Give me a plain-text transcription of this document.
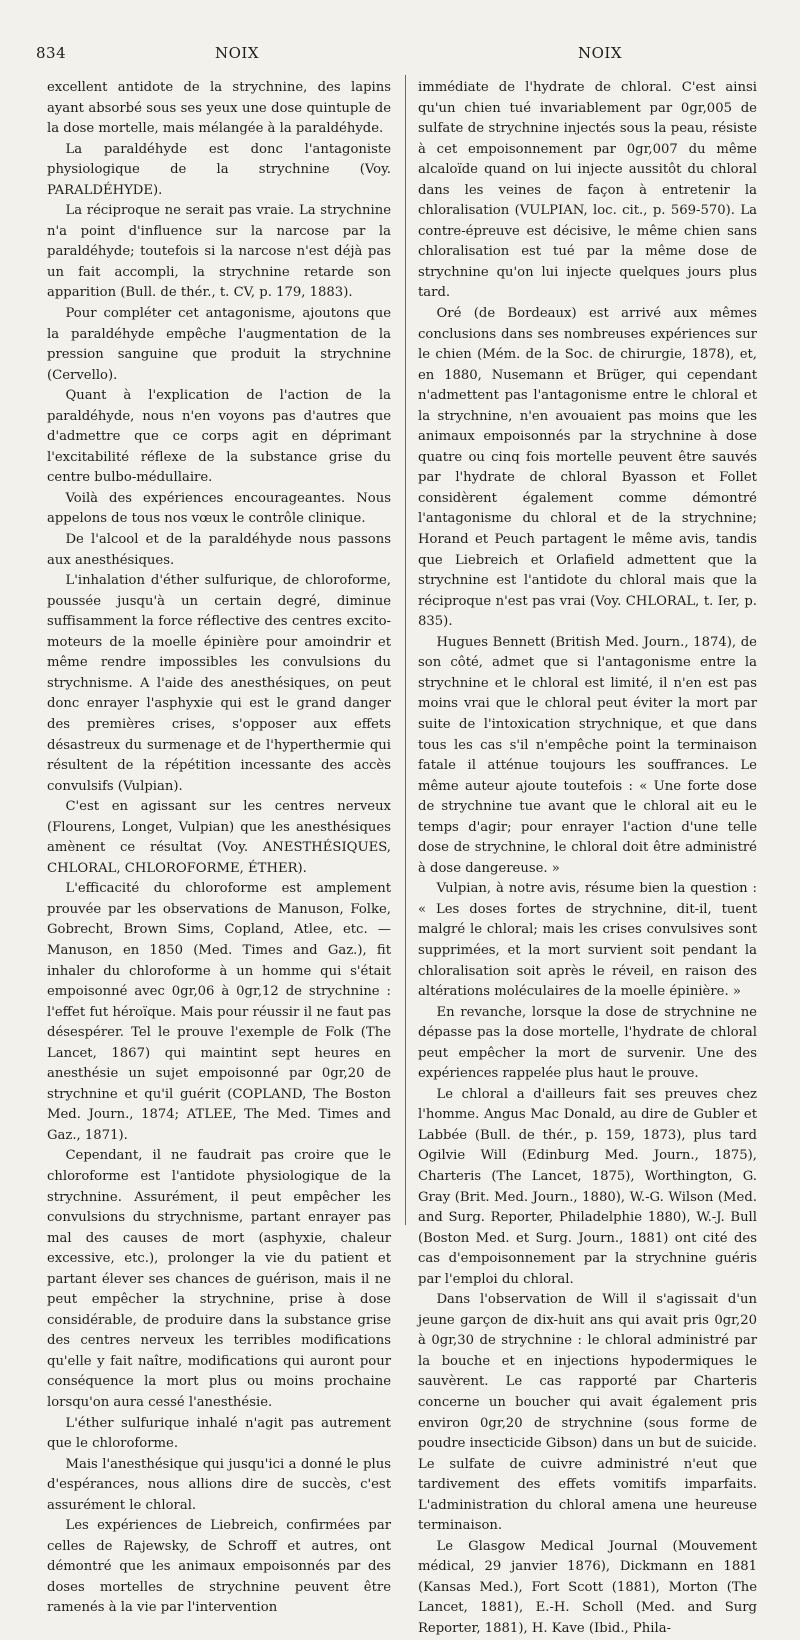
834	NOIX	NOIX

excellent antidote de la strychnine, des lapins ayant absorbé sous ses yeux une dose quintuple de la dose mortelle, mais mélangée à la paraldéhyde.

La paraldéhyde est donc l'antagoniste physiologique de la strychnine (Voy. PARALDÉHYDE).

La réciproque ne serait pas vraie. La strychnine n'a point d'influence sur la narcose par la paraldéhyde; toutefois si la narcose n'est déjà pas un fait accompli, la strychnine retarde son apparition (Bull. de thér., t. CV, p. 179, 1883).

Pour compléter cet antagonisme, ajoutons que la paraldéhyde empêche l'augmentation de la pression sanguine que produit la strychnine (Cervello).

Quant à l'explication de l'action de la paraldéhyde, nous n'en voyons pas d'autres que d'admettre que ce corps agit en déprimant l'excitabilité réflexe de la substance grise du centre bulbo-médullaire.

Voilà des expériences encourageantes. Nous appelons de tous nos vœux le contrôle clinique.

De l'alcool et de la paraldéhyde nous passons aux anesthésiques.

L'inhalation d'éther sulfurique, de chloroforme, poussée jusqu'à un certain degré, diminue suffisamment la force réflective des centres excito-moteurs de la moelle épinière pour amoindrir et même rendre impossibles les convulsions du strychnisme. A l'aide des anesthésiques, on peut donc enrayer l'asphyxie qui est le grand danger des premières crises, s'opposer aux effets désastreux du surmenage et de l'hyperthermie qui résultent de la répétition incessante des accès convulsifs (Vulpian).

C'est en agissant sur les centres nerveux (Flourens, Longet, Vulpian) que les anesthésiques amènent ce résultat (Voy. ANESTHÉSIQUES, CHLORAL, CHLOROFORME, ÉTHER).

L'efficacité du chloroforme est amplement prouvée par les observations de Manuson, Folke, Gobrecht, Brown Sims, Copland, Atlee, etc. — Manuson, en 1850 (Med. Times and Gaz.), fit inhaler du chloroforme à un homme qui s'était empoisonné avec 0gr,06 à 0gr,12 de strychnine : l'effet fut héroïque. Mais pour réussir il ne faut pas désespérer. Tel le prouve l'exemple de Folk (The Lancet, 1867) qui maintint sept heures en anesthésie un sujet empoisonné par 0gr,20 de strychnine et qu'il guérit (COPLAND, The Boston Med. Journ., 1874; ATLEE, The Med. Times and Gaz., 1871).

Cependant, il ne faudrait pas croire que le chloroforme est l'antidote physiologique de la strychnine. Assurément, il peut empêcher les convulsions du strychnisme, partant enrayer pas mal des causes de mort (asphyxie, chaleur excessive, etc.), prolonger la vie du patient et partant élever ses chances de guérison, mais il ne peut empêcher la strychnine, prise à dose considérable, de produire dans la substance grise des centres nerveux les terribles modifications qu'elle y fait naître, modifications qui auront pour conséquence la mort plus ou moins prochaine lorsqu'on aura cessé l'anesthésie.

L'éther sulfurique inhalé n'agit pas autrement que le chloroforme.

Mais l'anesthésique qui jusqu'ici a donné le plus d'espérances, nous allions dire de succès, c'est assurément le chloral.

Les expériences de Liebreich, confirmées par celles de Rajewsky, de Schroff et autres, ont démontré que les animaux empoisonnés par des doses mortelles de strychnine peuvent être ramenés à la vie par l'intervention

immédiate de l'hydrate de chloral. C'est ainsi qu'un chien tué invariablement par 0gr,005 de sulfate de strychnine injectés sous la peau, résiste à cet empoisonnement par 0gr,007 du même alcaloïde quand on lui injecte aussitôt du chloral dans les veines de façon à entretenir la chloralisation (VULPIAN, loc. cit., p. 569-570). La contre-épreuve est décisive, le même chien sans chloralisation est tué par la même dose de strychnine qu'on lui injecte quelques jours plus tard.

Oré (de Bordeaux) est arrivé aux mêmes conclusions dans ses nombreuses expériences sur le chien (Mém. de la Soc. de chirurgie, 1878), et, en 1880, Nusemann et Brüger, qui cependant n'admettent pas l'antagonisme entre le chloral et la strychnine, n'en avouaient pas moins que les animaux empoisonnés par la strychnine à dose quatre ou cinq fois mortelle peuvent être sauvés par l'hydrate de chloral Byasson et Follet considèrent également comme démontré l'antagonisme du chloral et de la strychnine; Horand et Peuch partagent le même avis, tandis que Liebreich et Orlafield admettent que la strychnine est l'antidote du chloral mais que la réciproque n'est pas vrai (Voy. CHLORAL, t. Ier, p. 835).

Hugues Bennett (British Med. Journ., 1874), de son côté, admet que si l'antagonisme entre la strychnine et le chloral est limité, il n'en est pas moins vrai que le chloral peut éviter la mort par suite de l'intoxication strychnique, et que dans tous les cas s'il n'empêche point la terminaison fatale il atténue toujours les souffrances. Le même auteur ajoute toutefois : « Une forte dose de strychnine tue avant que le chloral ait eu le temps d'agir; pour enrayer l'action d'une telle dose de strychnine, le chloral doit être administré à dose dangereuse. »

Vulpian, à notre avis, résume bien la question : « Les doses fortes de strychnine, dit-il, tuent malgré le chloral; mais les crises convulsives sont supprimées, et la mort survient soit pendant la chloralisation soit après le réveil, en raison des altérations moléculaires de la moelle épinière. »

En revanche, lorsque la dose de strychnine ne dépasse pas la dose mortelle, l'hydrate de chloral peut empêcher la mort de survenir. Une des expériences rappelée plus haut le prouve.

Le chloral a d'ailleurs fait ses preuves chez l'homme. Angus Mac Donald, au dire de Gubler et Labbée (Bull. de thér., p. 159, 1873), plus tard Ogilvie Will (Edinburg Med. Journ., 1875), Charteris (The Lancet, 1875), Worthington, G. Gray (Brit. Med. Journ., 1880), W.-G. Wilson (Med. and Surg. Reporter, Philadelphie 1880), W.-J. Bull (Boston Med. et Surg. Journ., 1881) ont cité des cas d'empoisonnement par la strychnine guéris par l'emploi du chloral.

Dans l'observation de Will il s'agissait d'un jeune garçon de dix-huit ans qui avait pris 0gr,20 à 0gr,30 de strychnine : le chloral administré par la bouche et en injections hypodermiques le sauvèrent. Le cas rapporté par Charteris concerne un boucher qui avait également pris environ 0gr,20 de strychnine (sous forme de poudre insecticide Gibson) dans un but de suicide. Le sulfate de cuivre administré n'eut que tardivement des effets vomitifs imparfaits. L'administration du chloral amena une heureuse terminaison.

Le Glasgow Medical Journal (Mouvement médical, 29 janvier 1876), Dickmann en 1881 (Kansas Med.), Fort Scott (1881), Morton (The Lancet, 1881), E.-H. Scholl (Med. and Surg Reporter, 1881), H. Kave (Ibid., Phila-
